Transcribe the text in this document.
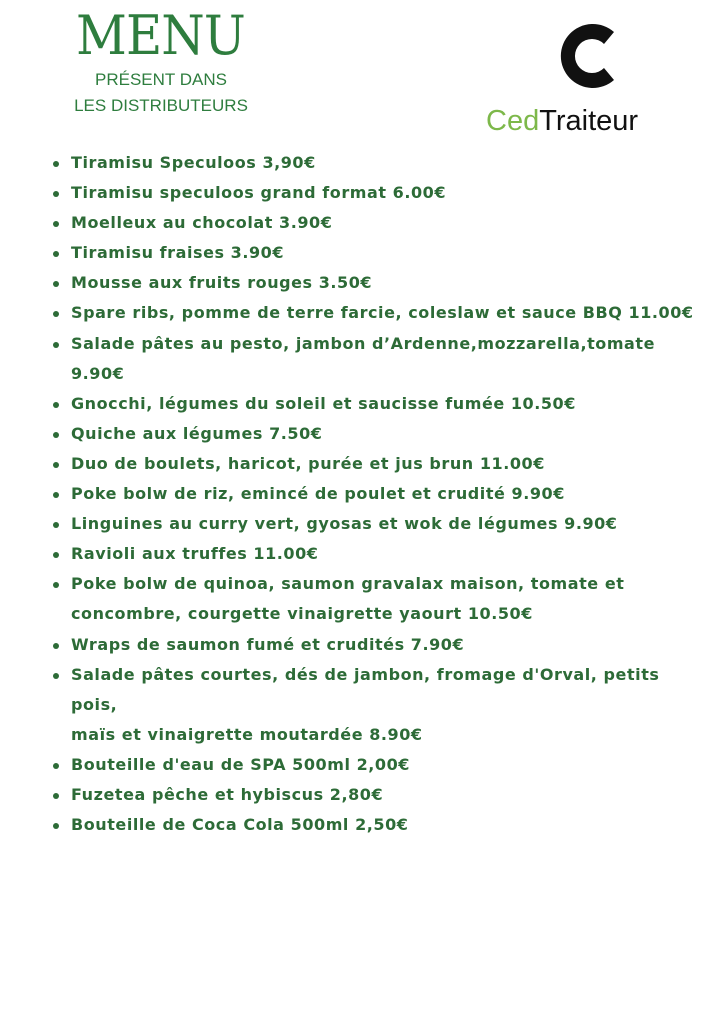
MENU
PRÉSENT DANS
LES DISTRIBUTEURS	CedTraiteur
Tiramisu Speculoos 3,90€
Tiramisu speculoos grand format 6.00€
Moelleux au chocolat 3.90€
Tiramisu fraises 3.90€
Mousse aux fruits rouges 3.50€
Spare ribs, pomme de terre farcie, coleslaw et sauce BBQ 11.00€
Salade pâtes au pesto, jambon d’Ardenne,mozzarella,tomate
9.90€
Gnocchi, légumes du soleil et saucisse fumée 10.50€
Quiche aux légumes 7.50€
Duo de boulets, haricot, purée et jus brun 11.00€
Poke bolw de riz, emincé de poulet et crudité 9.90€
Linguines au curry vert, gyosas et wok de légumes 9.90€
Ravioli aux truffes 11.00€
Poke bolw de quinoa, saumon gravalax maison, tomate et
concombre, courgette vinaigrette yaourt 10.50€
Wraps de saumon fumé et crudités 7.90€
Salade pâtes courtes, dés de jambon, fromage d'Orval, petits pois,
maïs et vinaigrette moutardée 8.90€
Bouteille d'eau de SPA 500ml 2,00€
Fuzetea pêche et hybiscus 2,80€
Bouteille de Coca Cola 500ml 2,50€
